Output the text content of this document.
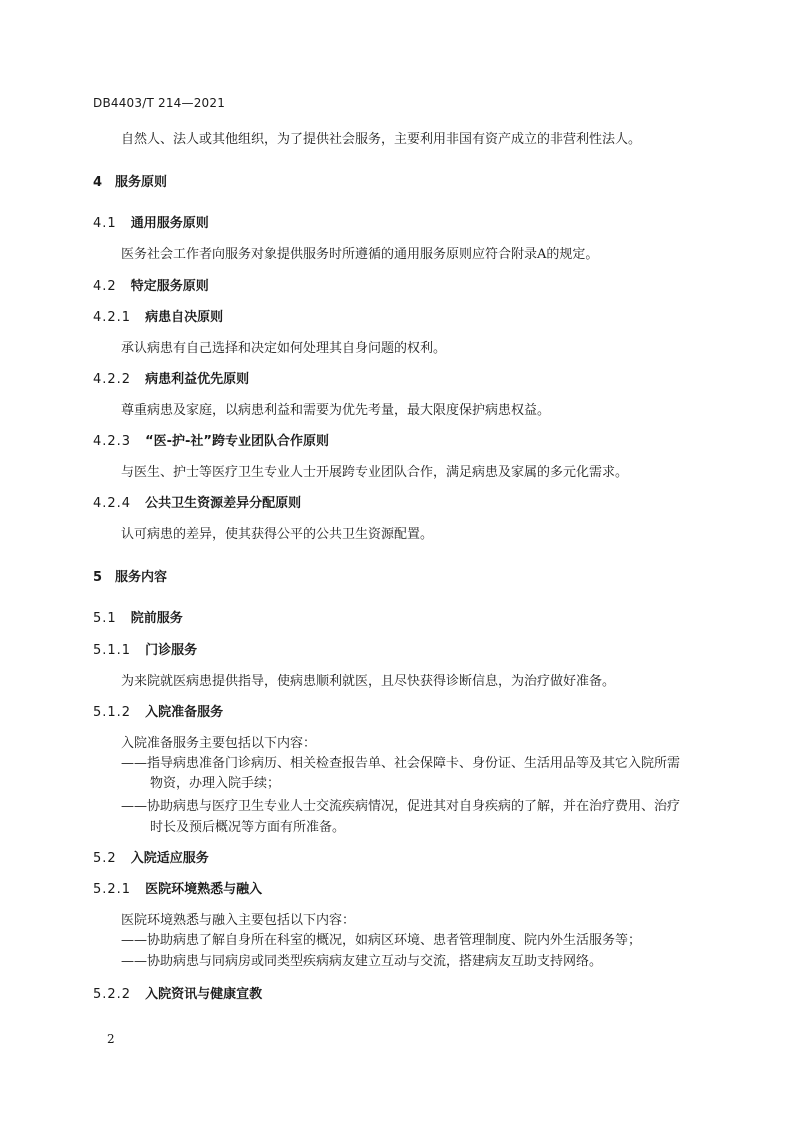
DB4403/T 214—2021
自然人、法人或其他组织，为了提供社会服务，主要利用非国有资产成立的非营利性法人。
4 服务原则
4.1 通用服务原则
医务社会工作者向服务对象提供服务时所遵循的通用服务原则应符合附录A的规定。
4.2 特定服务原则
4.2.1 病患自决原则
承认病患有自己选择和决定如何处理其自身问题的权利。
4.2.2 病患利益优先原则
尊重病患及家庭，以病患利益和需要为优先考量，最大限度保护病患权益。
4.2.3 “医-护-社”跨专业团队合作原则
与医生、护士等医疗卫生专业人士开展跨专业团队合作，满足病患及家属的多元化需求。
4.2.4 公共卫生资源差异分配原则
认可病患的差异，使其获得公平的公共卫生资源配置。
5 服务内容
5.1 院前服务
5.1.1 门诊服务
为来院就医病患提供指导，使病患顺利就医，且尽快获得诊断信息，为治疗做好准备。
5.1.2 入院准备服务
入院准备服务主要包括以下内容：
——指导病患准备门诊病历、相关检查报告单、社会保障卡、身份证、生活用品等及其它入院所需
物资，办理入院手续；
——协助病患与医疗卫生专业人士交流疾病情况，促进其对自身疾病的了解，并在治疗费用、治疗
时长及预后概况等方面有所准备。
5.2 入院适应服务
5.2.1 医院环境熟悉与融入
医院环境熟悉与融入主要包括以下内容：
——协助病患了解自身所在科室的概况，如病区环境、患者管理制度、院内外生活服务等；
——协助病患与同病房或同类型疾病病友建立互动与交流，搭建病友互助支持网络。
5.2.2 入院资讯与健康宣教
2
